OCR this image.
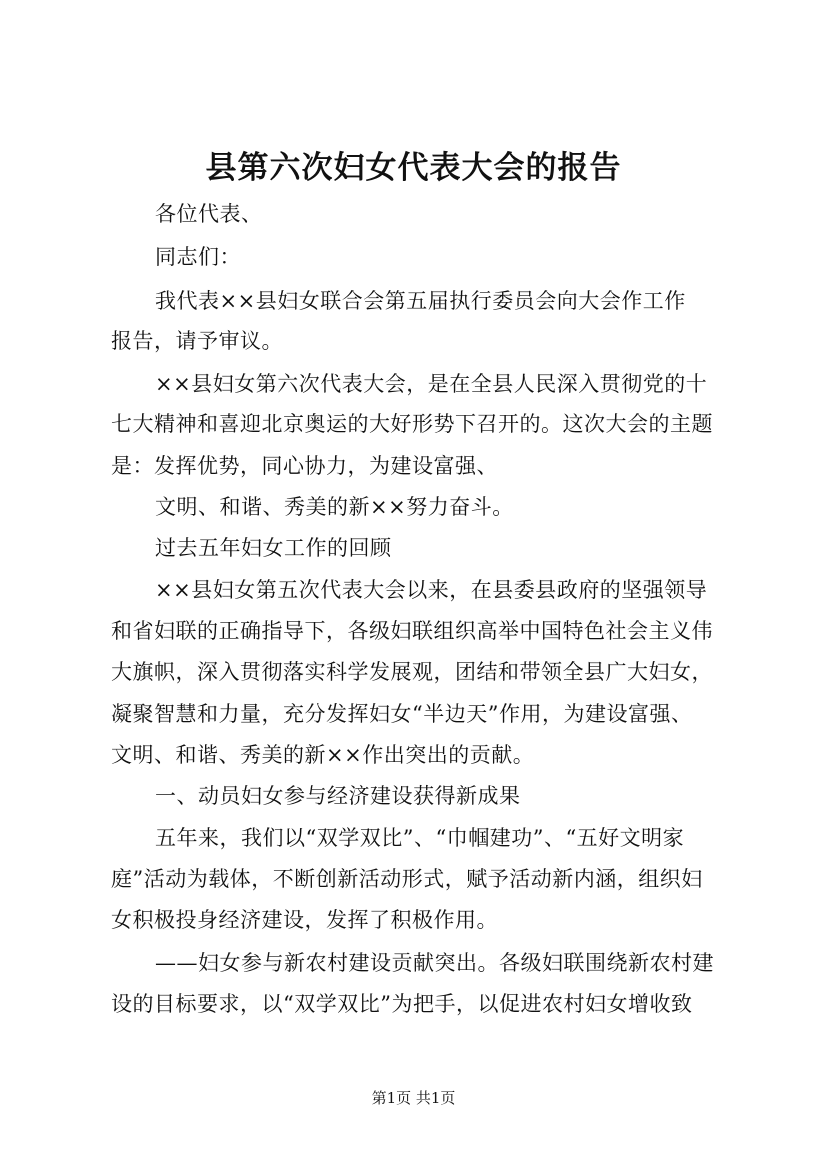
县第六次妇女代表大会的报告
各位代表、
同志们：
我代表××县妇女联合会第五届执行委员会向大会作工作
报告，请予审议。
××县妇女第六次代表大会，是在全县人民深入贯彻党的十
七大精神和喜迎北京奥运的大好形势下召开的。这次大会的主题
是：发挥优势，同心协力，为建设富强、
文明、和谐、秀美的新××努力奋斗。
过去五年妇女工作的回顾
××县妇女第五次代表大会以来，在县委县政府的坚强领导
和省妇联的正确指导下，各级妇联组织高举中国特色社会主义伟
大旗帜，深入贯彻落实科学发展观，团结和带领全县广大妇女，
凝聚智慧和力量，充分发挥妇女“半边天”作用，为建设富强、
文明、和谐、秀美的新××作出突出的贡献。
一、动员妇女参与经济建设获得新成果
五年来，我们以“双学双比”、“巾帼建功”、“五好文明家
庭”活动为载体，不断创新活动形式，赋予活动新内涵，组织妇
女积极投身经济建设，发挥了积极作用。
——妇女参与新农村建设贡献突出。各级妇联围绕新农村建
设的目标要求，以“双学双比”为把手，以促进农村妇女增收致
第1页 共1页
